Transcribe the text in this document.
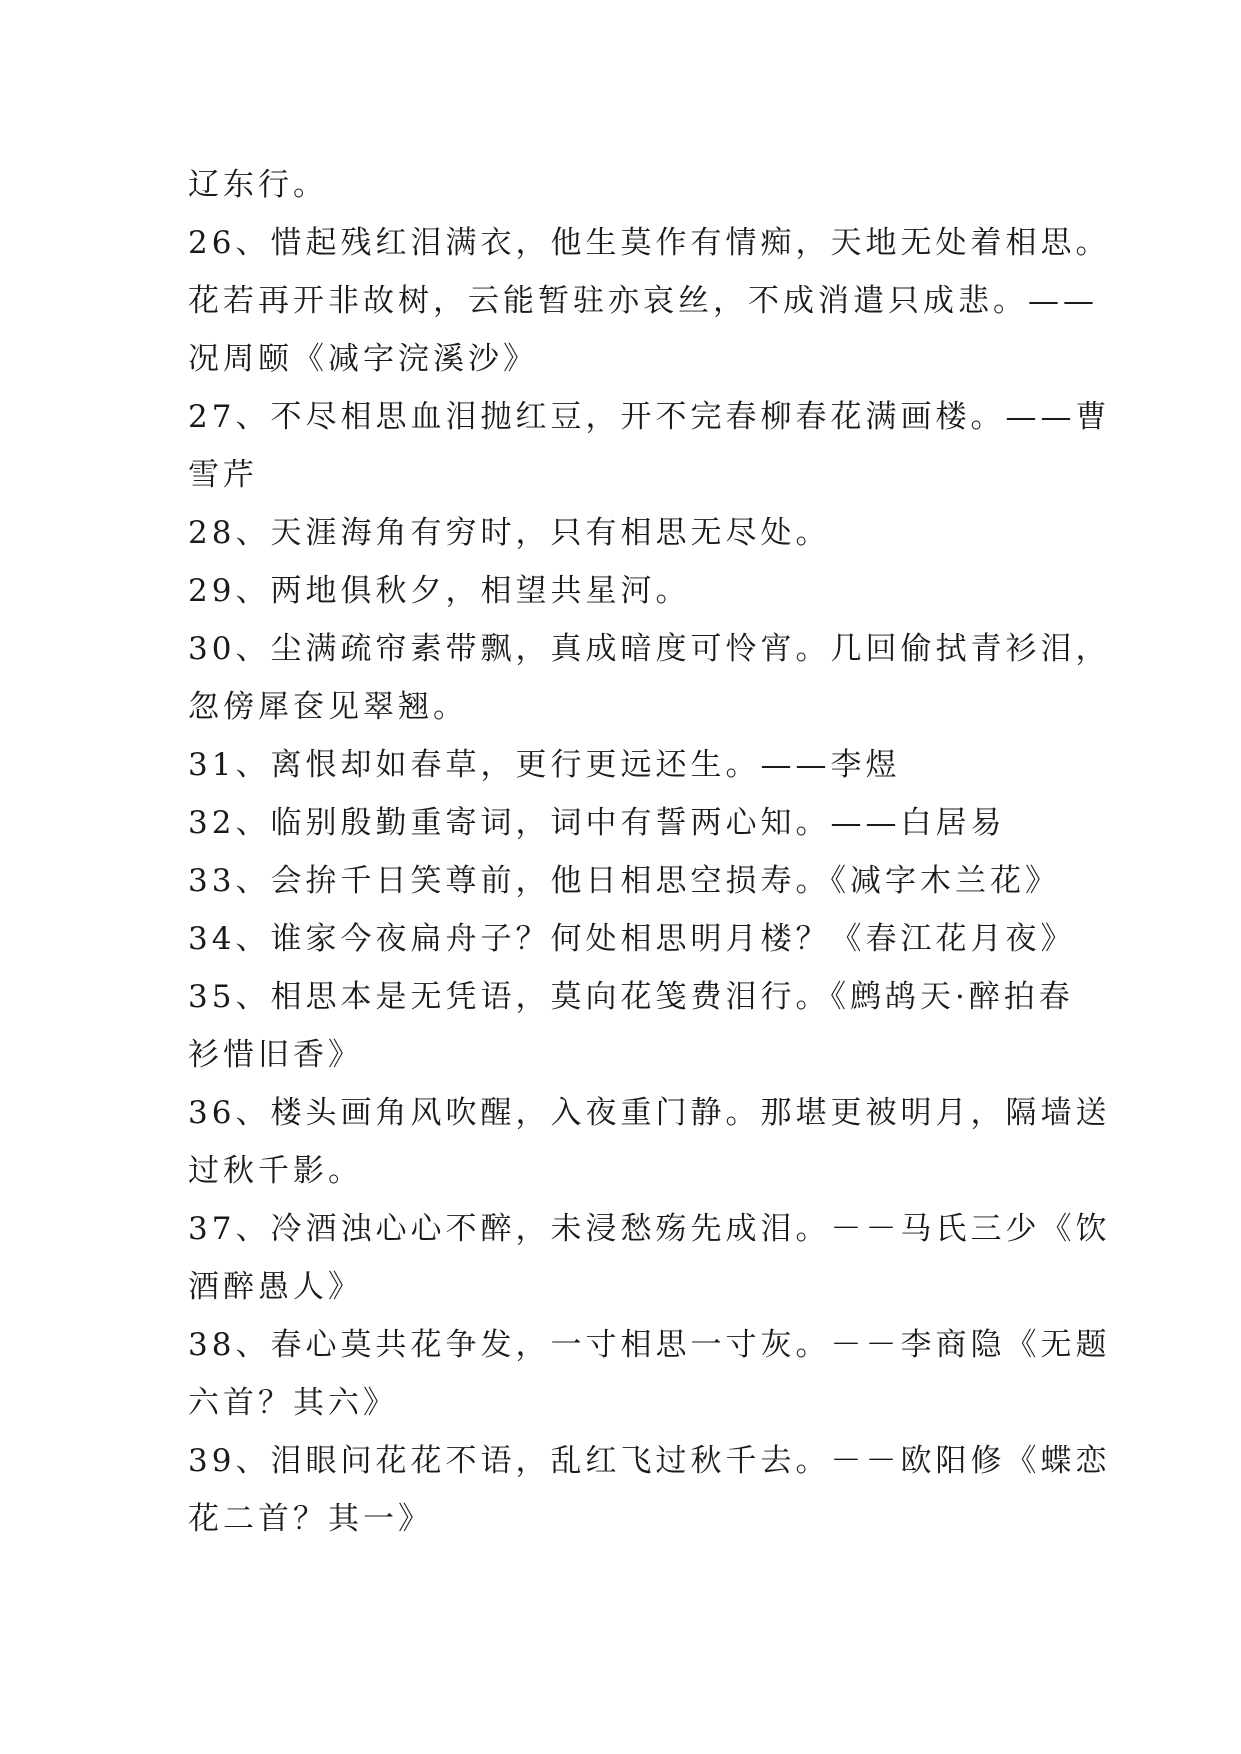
辽东行。
26、惜起残红泪满衣，他生莫作有情痴，天地无处着相思。
花若再开非故树，云能暂驻亦哀丝，不成消遣只成悲。——
况周颐《减字浣溪沙》
27、不尽相思血泪抛红豆，开不完春柳春花满画楼。——曹
雪芹
28、天涯海角有穷时，只有相思无尽处。
29、两地俱秋夕，相望共星河。
30、尘满疏帘素带飘，真成暗度可怜宵。几回偷拭青衫泪，
忽傍犀奁见翠翘。
31、离恨却如春草，更行更远还生。——李煜
32、临别殷勤重寄词，词中有誓两心知。——白居易
33、会拚千日笑尊前，他日相思空损寿。《减字木兰花》
34、谁家今夜扁舟子？何处相思明月楼？《春江花月夜》
35、相思本是无凭语，莫向花笺费泪行。《鹧鸪天·醉拍春
衫惜旧香》
36、楼头画角风吹醒，入夜重门静。那堪更被明月，隔墙送
过秋千影。
37、冷酒浊心心不醉，未浸愁殇先成泪。－－马氏三少《饮
酒醉愚人》
38、春心莫共花争发，一寸相思一寸灰。－－李商隐《无题
六首？其六》
39、泪眼问花花不语，乱红飞过秋千去。－－欧阳修《蝶恋
花二首？其一》
